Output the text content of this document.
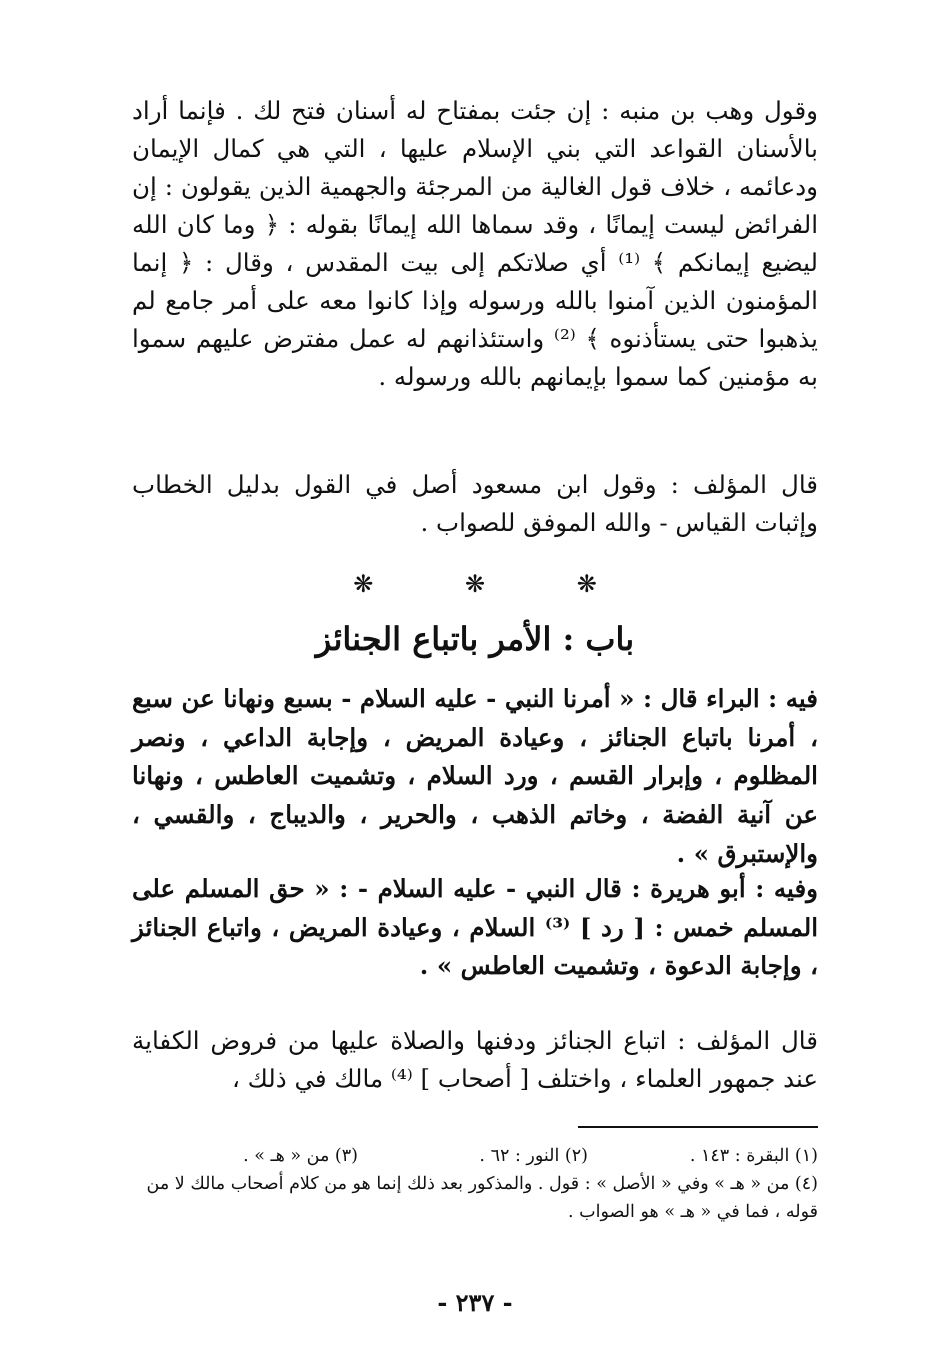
وقول وهب بن منبه : إن جئت بمفتاح له أسنان فتح لك . فإنما أراد بالأسنان القواعد التي بني الإسلام عليها ، التي هي كمال الإيمان ودعائمه ، خلاف قول الغالية من المرجئة والجهمية الذين يقولون : إن الفرائض ليست إيمانًا ، وقد سماها الله إيمانًا بقوله : ﴿ وما كان الله ليضيع إيمانكم ﴾ ⁽¹⁾ أي صلاتكم إلى بيت المقدس ، وقال : ﴿ إنما المؤمنون الذين آمنوا بالله ورسوله وإذا كانوا معه على أمر جامع لم يذهبوا حتى يستأذنوه ﴾ ⁽²⁾ واستئذانهم له عمل مفترض عليهم سموا به مؤمنين كما سموا بإيمانهم بالله ورسوله .

قال المؤلف : وقول ابن مسعود أصل في القول بدليل الخطاب وإثبات القياس - والله الموفق للصواب .

❋ ❋ ❋
باب : الأمر باتباع الجنائز

فيه : البراء قال : « أمرنا النبي - عليه السلام - بسبع ونهانا عن سبع ، أمرنا باتباع الجنائز ، وعيادة المريض ، وإجابة الداعي ، ونصر المظلوم ، وإبرار القسم ، ورد السلام ، وتشميت العاطس ، ونهانا عن آنية الفضة ، وخاتم الذهب ، والحرير ، والديباج ، والقسي ، والإستبرق » .

وفيه : أبو هريرة : قال النبي - عليه السلام - : « حق المسلم على المسلم خمس : [ رد ] ⁽³⁾ السلام ، وعيادة المريض ، واتباع الجنائز ، وإجابة الدعوة ، وتشميت العاطس » .

قال المؤلف : اتباع الجنائز ودفنها والصلاة عليها من فروض الكفاية عند جمهور العلماء ، واختلف [ أصحاب ] ⁽⁴⁾ مالك في ذلك ،

(١) البقرة : ١٤٣ .
(٢) النور : ٦٢ .
(٣) من « هـ » .
(٤) من « هـ » وفي « الأصل » : قول . والمذكور بعد ذلك إنما هو من كلام أصحاب مالك لا من قوله ، فما في « هـ » هو الصواب .
- ٢٣٧ -
